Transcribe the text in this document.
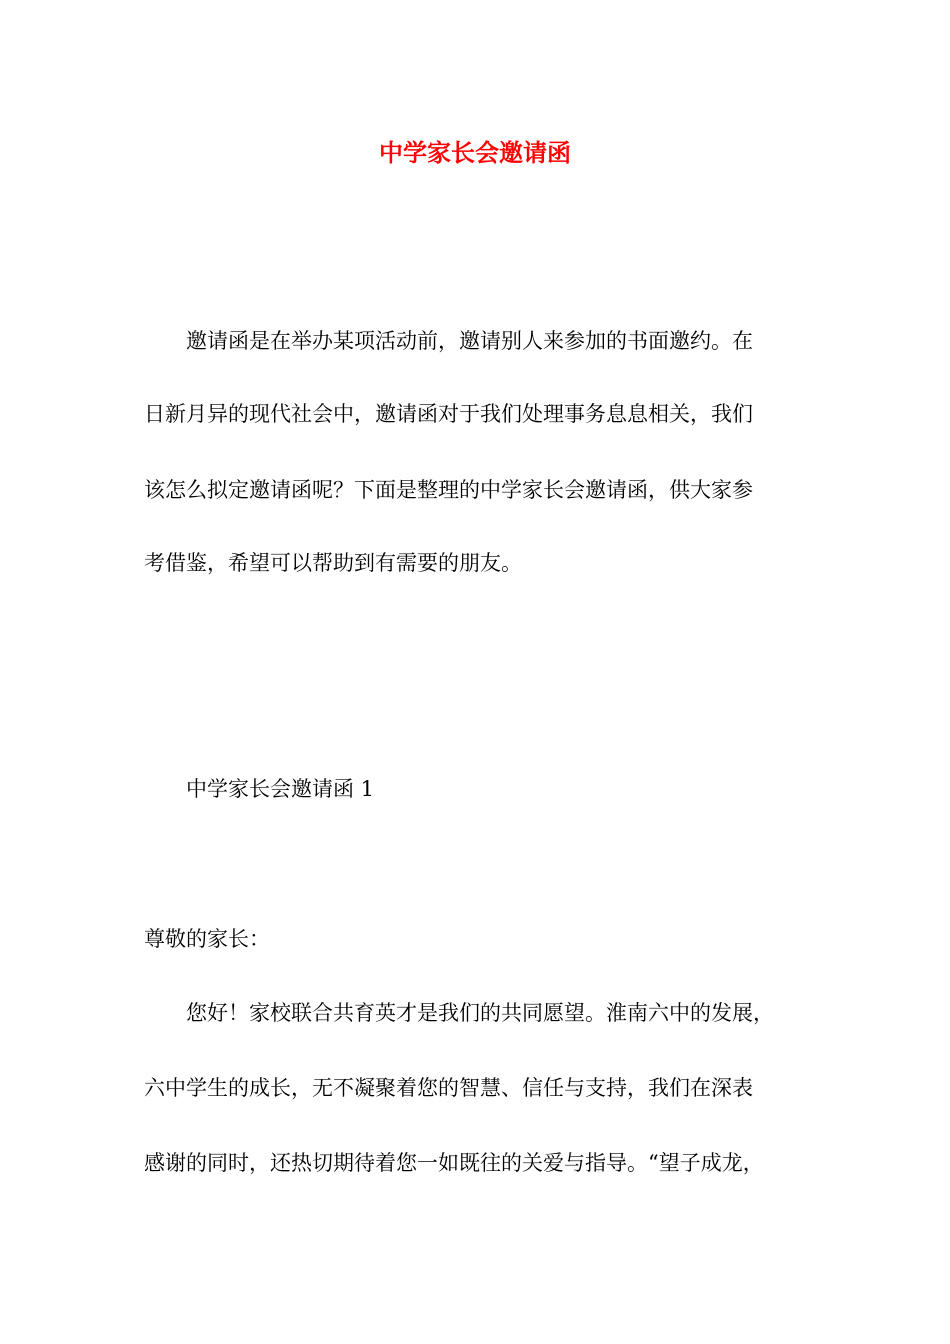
中学家长会邀请函

邀请函是在举办某项活动前，邀请别人来参加的书面邀约。在

日新月异的现代社会中，邀请函对于我们处理事务息息相关，我们

该怎么拟定邀请函呢？下面是整理的中学家长会邀请函，供大家参

考借鉴，希望可以帮助到有需要的朋友。

中学家长会邀请函 1

尊敬的家长：

您好！家校联合共育英才是我们的共同愿望。淮南六中的发展，

六中学生的成长，无不凝聚着您的智慧、信任与支持，我们在深表

感谢的同时，还热切期待着您一如既往的关爱与指导。“望子成龙，
